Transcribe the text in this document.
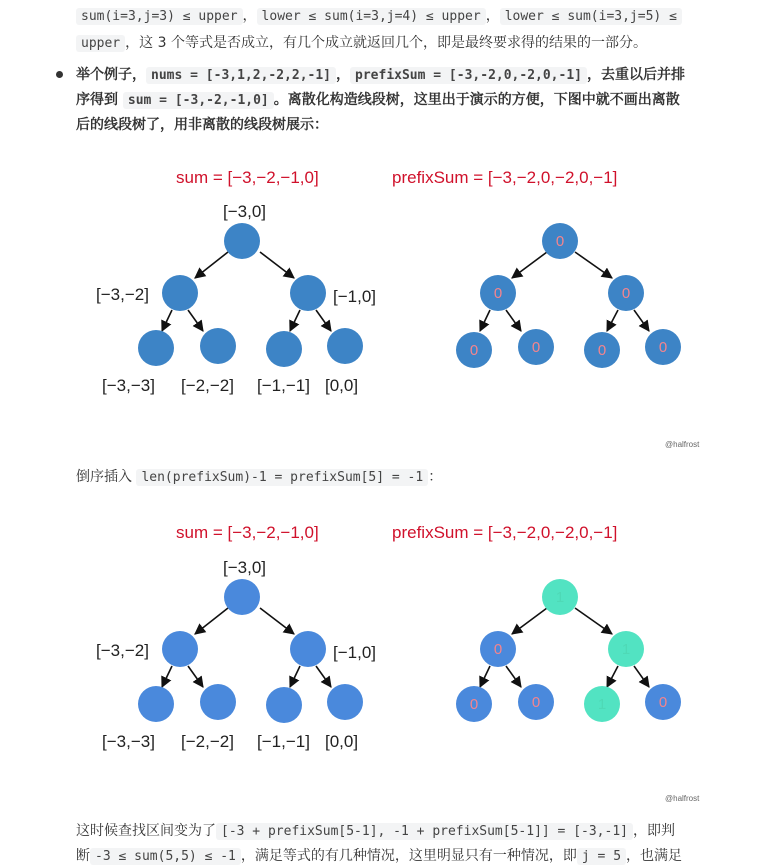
sum(i=3,j=3) ≤ upper ， lower ≤ sum(i=3,j=4) ≤ upper ， lower ≤ sum(i=3,j=5) ≤
upper ，这 3 个等式是否成立，有几个成立就返回几个，即是最终要求得的结果的一部分。
举个例子， nums = [-3,1,2,-2,2,-1] ， prefixSum = [-3,-2,0,-2,0,-1] ，去重以后并排
序得到 sum = [-3,-2,-1,0] 。离散化构造线段树，这里出于演示的方便，下图中就不画出离散
后的线段树了，用非离散的线段树展示：
sum = [−3,−2,−1,0]	prefixSum = [−3,−2,0,−2,0,−1]
[−3,0]
[−3,−2]	[−1,0]
[−3,−3] [−2,−2] [−1,−1] [0,0]
0
0	0
0	0	0	0
@halfrost
倒序插入 len(prefixSum)-1 = prefixSum[5] = -1 ：
sum = [−3,−2,−1,0]	prefixSum = [−3,−2,0,−2,0,−1]
[−3,0]
[−3,−2]	[−1,0]
[−3,−3] [−2,−2] [−1,−1] [0,0]
1
0	1
0	0	1	0
@halfrost
这时候查找区间变为了 [-3 + prefixSum[5-1], -1 + prefixSum[5-1]] = [-3,-1] ，即判
断 -3 ≤ sum(5,5) ≤ -1 ，满足等式的有几种情况，这里明显只有一种情况，即 j = 5 ，也满足
